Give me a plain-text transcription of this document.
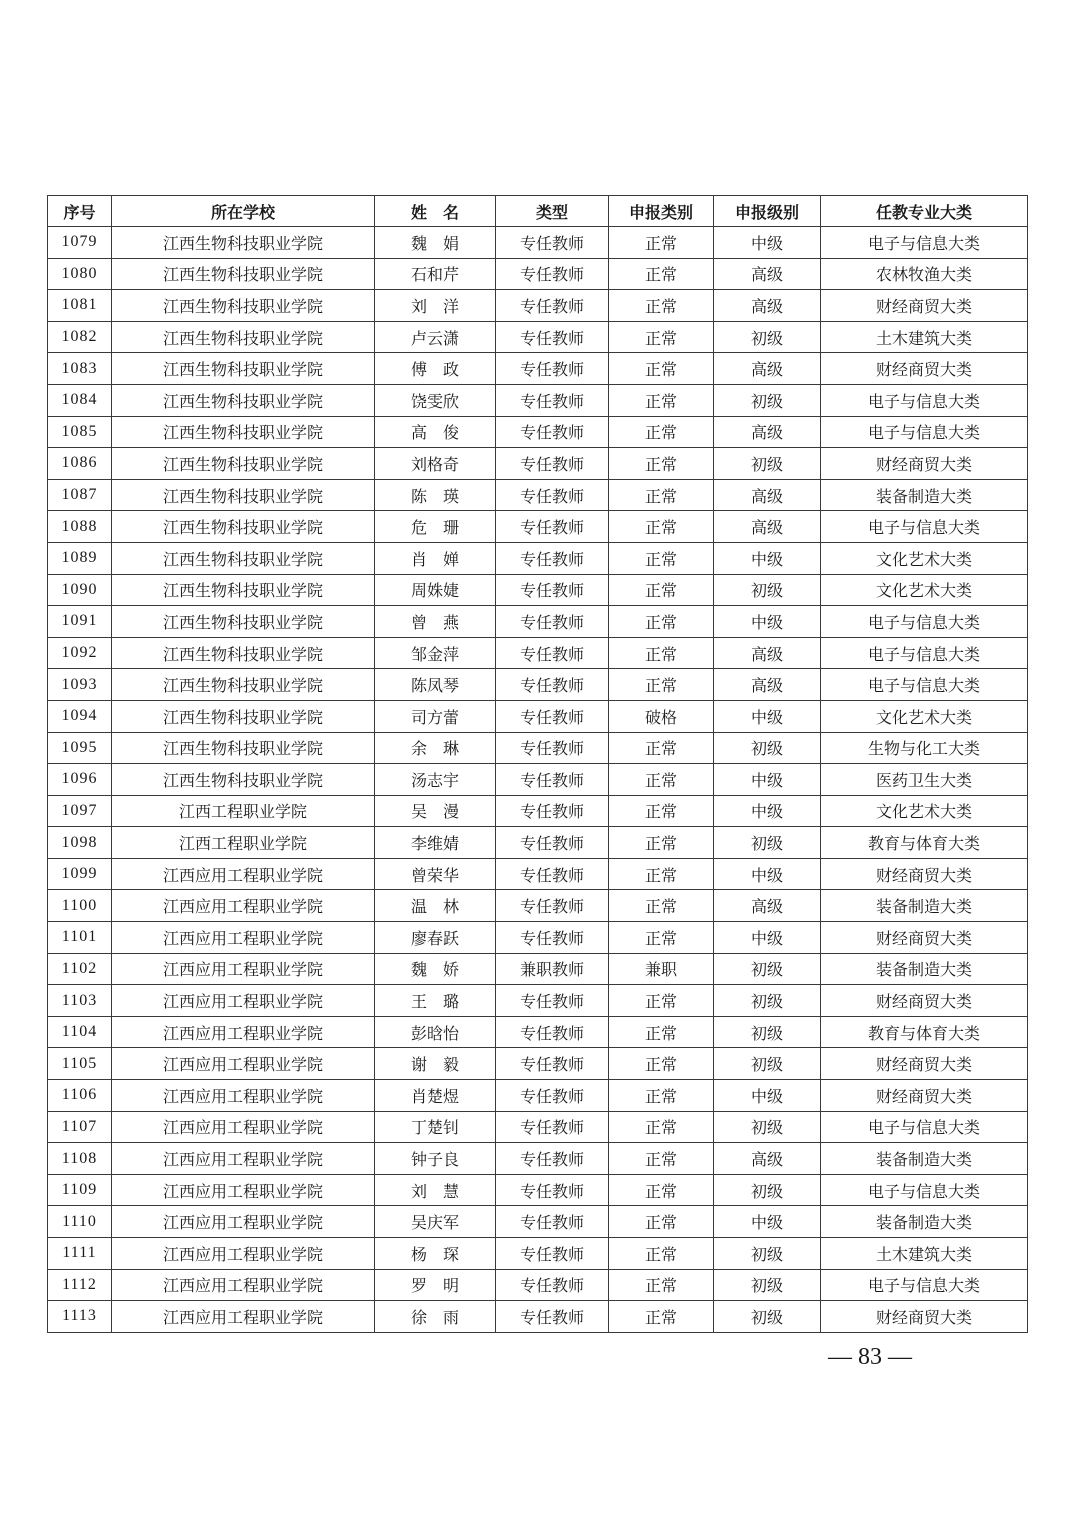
序号	所在学校	姓　名	类型	申报类别	申报级别	任教专业大类
1079	江西生物科技职业学院	魏　娟	专任教师	正常	中级	电子与信息大类
1080	江西生物科技职业学院	石和芹	专任教师	正常	高级	农林牧渔大类
1081	江西生物科技职业学院	刘　洋	专任教师	正常	高级	财经商贸大类
1082	江西生物科技职业学院	卢云潇	专任教师	正常	初级	土木建筑大类
1083	江西生物科技职业学院	傅　政	专任教师	正常	高级	财经商贸大类
1084	江西生物科技职业学院	饶雯欣	专任教师	正常	初级	电子与信息大类
1085	江西生物科技职业学院	高　俊	专任教师	正常	高级	电子与信息大类
1086	江西生物科技职业学院	刘格奇	专任教师	正常	初级	财经商贸大类
1087	江西生物科技职业学院	陈　瑛	专任教师	正常	高级	装备制造大类
1088	江西生物科技职业学院	危　珊	专任教师	正常	高级	电子与信息大类
1089	江西生物科技职业学院	肖　婵	专任教师	正常	中级	文化艺术大类
1090	江西生物科技职业学院	周姝婕	专任教师	正常	初级	文化艺术大类
1091	江西生物科技职业学院	曾　燕	专任教师	正常	中级	电子与信息大类
1092	江西生物科技职业学院	邹金萍	专任教师	正常	高级	电子与信息大类
1093	江西生物科技职业学院	陈凤琴	专任教师	正常	高级	电子与信息大类
1094	江西生物科技职业学院	司方蕾	专任教师	破格	中级	文化艺术大类
1095	江西生物科技职业学院	余　琳	专任教师	正常	初级	生物与化工大类
1096	江西生物科技职业学院	汤志宇	专任教师	正常	中级	医药卫生大类
1097	江西工程职业学院	吴　漫	专任教师	正常	中级	文化艺术大类
1098	江西工程职业学院	李维婧	专任教师	正常	初级	教育与体育大类
1099	江西应用工程职业学院	曾荣华	专任教师	正常	中级	财经商贸大类
1100	江西应用工程职业学院	温　林	专任教师	正常	高级	装备制造大类
1101	江西应用工程职业学院	廖春跃	专任教师	正常	中级	财经商贸大类
1102	江西应用工程职业学院	魏　娇	兼职教师	兼职	初级	装备制造大类
1103	江西应用工程职业学院	王　璐	专任教师	正常	初级	财经商贸大类
1104	江西应用工程职业学院	彭晗怡	专任教师	正常	初级	教育与体育大类
1105	江西应用工程职业学院	谢　毅	专任教师	正常	初级	财经商贸大类
1106	江西应用工程职业学院	肖楚煜	专任教师	正常	中级	财经商贸大类
1107	江西应用工程职业学院	丁楚钊	专任教师	正常	初级	电子与信息大类
1108	江西应用工程职业学院	钟子良	专任教师	正常	高级	装备制造大类
1109	江西应用工程职业学院	刘　慧	专任教师	正常	初级	电子与信息大类
1110	江西应用工程职业学院	吴庆军	专任教师	正常	中级	装备制造大类
1111	江西应用工程职业学院	杨　琛	专任教师	正常	初级	土木建筑大类
1112	江西应用工程职业学院	罗　明	专任教师	正常	初级	电子与信息大类
1113	江西应用工程职业学院	徐　雨	专任教师	正常	初级	财经商贸大类
— 83 —
